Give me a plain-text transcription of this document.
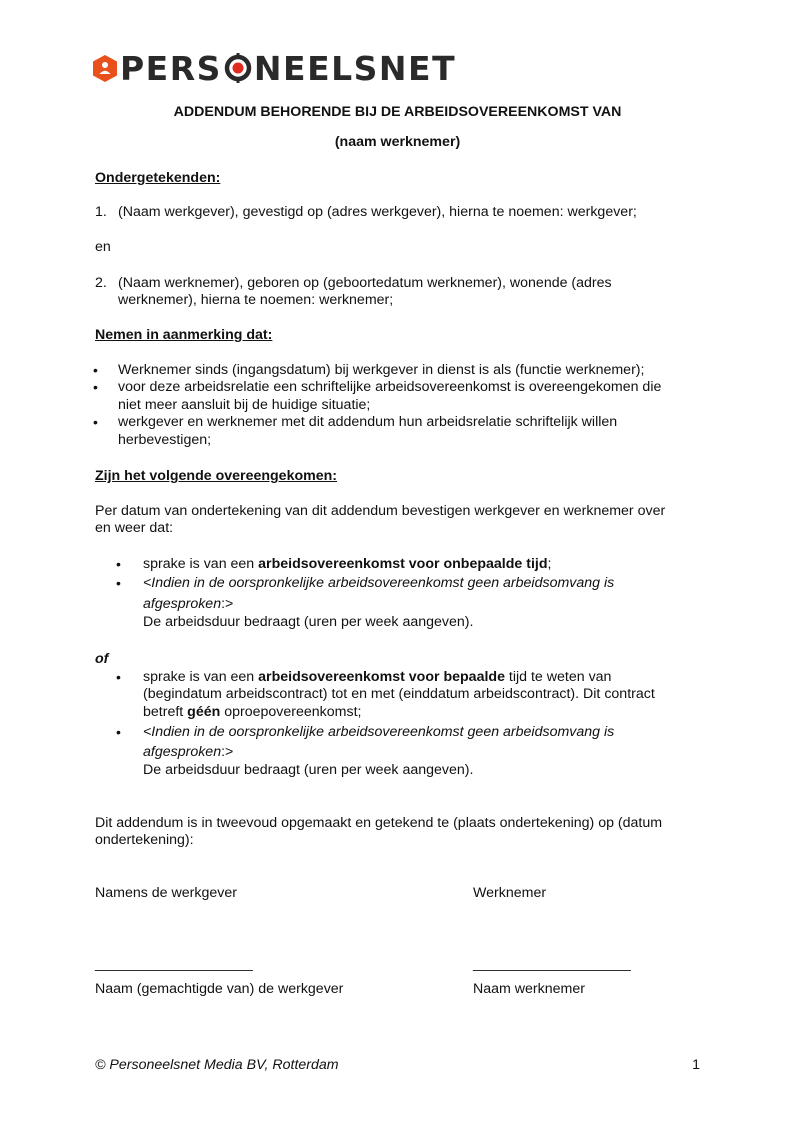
PERS NEELSNET
ADDENDUM BEHORENDE BIJ DE ARBEIDSOVEREENKOMST VAN
(naam werknemer)
Ondergetekenden:
1. (Naam werkgever), gevestigd op (adres werkgever), hierna te noemen: werkgever;
en
2. (Naam werknemer), geboren op (geboortedatum werknemer), wonende (adres
werknemer), hierna te noemen: werknemer;
Nemen in aanmerking dat:
• Werknemer sinds (ingangsdatum) bij werkgever in dienst is als (functie werknemer);
• voor deze arbeidsrelatie een schriftelijke arbeidsovereenkomst is overeengekomen die
niet meer aansluit bij de huidige situatie;
• werkgever en werknemer met dit addendum hun arbeidsrelatie schriftelijk willen
herbevestigen;
Zijn het volgende overeengekomen:
Per datum van ondertekening van dit addendum bevestigen werkgever en werknemer over
en weer dat:
• sprake is van een arbeidsovereenkomst voor onbepaalde tijd;
• <Indien in de oorspronkelijke arbeidsovereenkomst geen arbeidsomvang is
afgesproken:>
De arbeidsduur bedraagt (uren per week aangeven).
of
• sprake is van een arbeidsovereenkomst voor bepaalde tijd te weten van
(begindatum arbeidscontract) tot en met (einddatum arbeidscontract). Dit contract
betreft géén oproepovereenkomst;
• <Indien in de oorspronkelijke arbeidsovereenkomst geen arbeidsomvang is
afgesproken:>
De arbeidsduur bedraagt (uren per week aangeven).
Dit addendum is in tweevoud opgemaakt en getekend te (plaats ondertekening) op (datum
ondertekening):
Namens de werkgever	Werknemer
____________________	____________________
Naam (gemachtigde van) de werkgever	Naam werknemer
© Personeelsnet Media BV, Rotterdam	1
